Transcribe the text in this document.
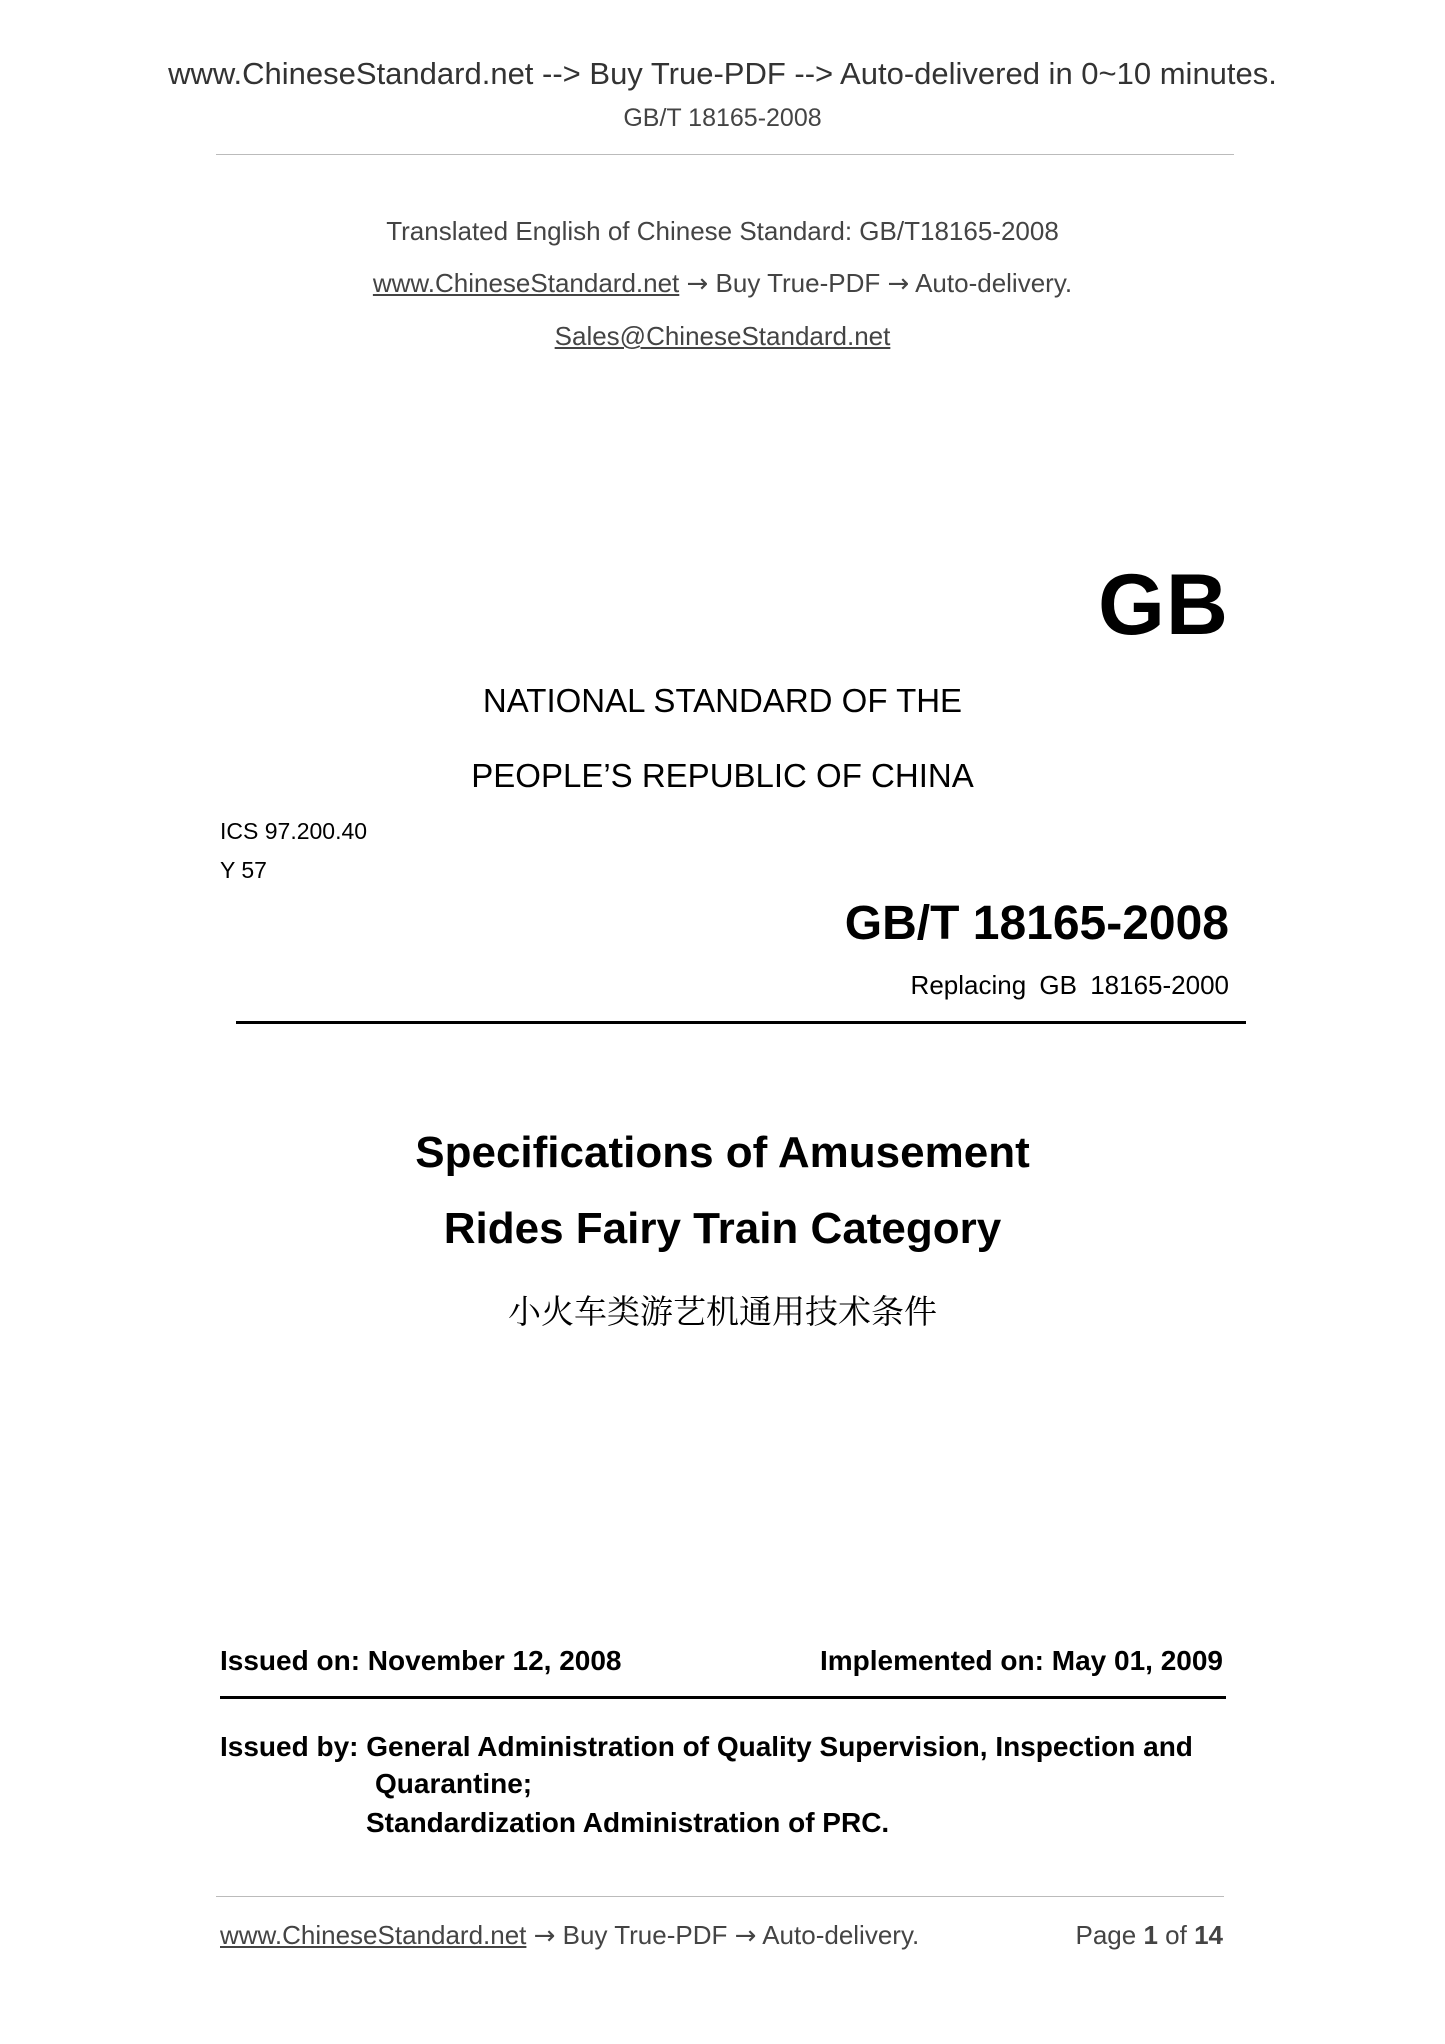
www.ChineseStandard.net --> Buy True-PDF --> Auto-delivered in 0~10 minutes.
GB/T 18165-2008
Translated English of Chinese Standard: GB/T18165-2008
www.ChineseStandard.net → Buy True-PDF → Auto-delivery.
Sales@ChineseStandard.net
GB
NATIONAL STANDARD OF THE
PEOPLE’S REPUBLIC OF CHINA
ICS 97.200.40
Y 57
GB/T 18165-2008
Replacing GB 18165-2000
Specifications of Amusement
Rides Fairy Train Category
小火车类游艺机通用技术条件
Issued on: November 12, 2008	Implemented on: May 01, 2009
Issued by: General Administration of Quality Supervision, Inspection and
Quarantine;
Standardization Administration of PRC.
www.ChineseStandard.net → Buy True-PDF → Auto-delivery.	Page 1 of 14
